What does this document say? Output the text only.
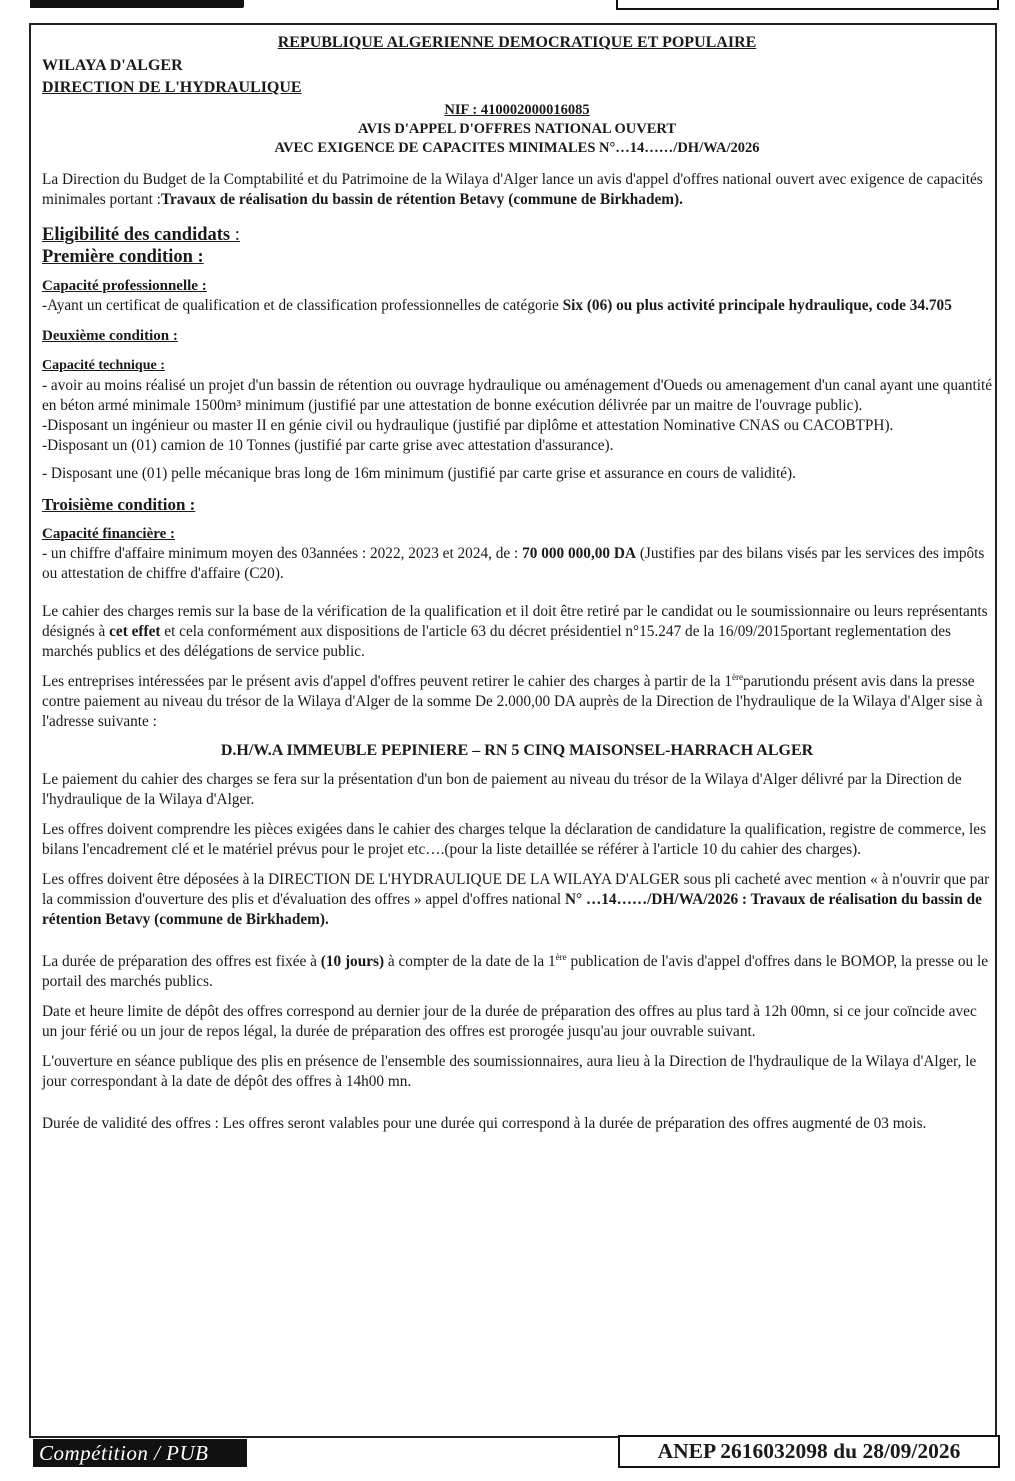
REPUBLIQUE ALGERIENNE DEMOCRATIQUE ET POPULAIRE
WILAYA D'ALGER
DIRECTION DE L'HYDRAULIQUE
NIF : 410002000016085
AVIS D'APPEL D'OFFRES NATIONAL OUVERT
AVEC EXIGENCE DE CAPACITES MINIMALES N°…14……/DH/WA/2026

La Direction du Budget de la Comptabilité et du Patrimoine de la Wilaya d'Alger lance un avis d'appel d'offres national ouvert avec exigence de capacités minimales portant :Travaux de réalisation du bassin de rétention Betavy (commune de Birkhadem).

Eligibilité des candidats :
Première condition :
Capacité professionnelle :

-Ayant un certificat de qualification et de classification professionnelles de catégorie Six (06) ou plus activité principale hydraulique, code 34.705

Deuxième condition :
Capacité technique :

- avoir au moins réalisé un projet d'un bassin de rétention ou ouvrage hydraulique ou aménagement d'Oueds ou amenagement d'un canal ayant une quantité en béton armé minimale 1500m³ minimum (justifié par une attestation de bonne exécution délivrée par un maitre de l'ouvrage public).

-Disposant un ingénieur ou master II en génie civil ou hydraulique (justifié par diplôme et attestation Nominative CNAS ou CACOBTPH).

-Disposant un (01) camion de 10 Tonnes (justifié par carte grise avec attestation d'assurance).

- Disposant une (01) pelle mécanique bras long de 16m minimum (justifié par carte grise et assurance en cours de validité).

Troisième condition :
Capacité financière :

- un chiffre d'affaire minimum moyen des 03années : 2022, 2023 et 2024, de : 70 000 000,00 DA (Justifies par des bilans visés par les services des impôts ou attestation de chiffre d'affaire (C20).

Le cahier des charges remis sur la base de la vérification de la qualification et il doit être retiré par le candidat ou le soumissionnaire ou leurs représentants désignés à cet effet et cela conformément aux dispositions de l'article 63 du décret présidentiel n°15.247 de la 16/09/2015portant reglementation des marchés publics et des délégations de service public.

Les entreprises intéressées par le présent avis d'appel d'offres peuvent retirer le cahier des charges à partir de la 1èreparutiondu présent avis dans la presse contre paiement au niveau du trésor de la Wilaya d'Alger de la somme De 2.000,00 DA auprès de la Direction de l'hydraulique de la Wilaya d'Alger sise à l'adresse suivante :

D.H/W.A IMMEUBLE PEPINIERE – RN 5 CINQ MAISONSEL-HARRACH ALGER

Le paiement du cahier des charges se fera sur la présentation d'un bon de paiement au niveau du trésor de la Wilaya d'Alger délivré par la Direction de l'hydraulique de la Wilaya d'Alger.

Les offres doivent comprendre les pièces exigées dans le cahier des charges telque la déclaration de candidature la qualification, registre de commerce, les bilans l'encadrement clé et le matériel prévus pour le projet etc….(pour la liste detaillée se référer à l'article 10 du cahier des charges).

Les offres doivent être déposées à la DIRECTION DE L'HYDRAULIQUE DE LA WILAYA D'ALGER sous pli cacheté avec mention « à n'ouvrir que par la commission d'ouverture des plis et d'évaluation des offres » appel d'offres national N° …14……/DH/WA/2026 : Travaux de réalisation du bassin de rétention Betavy (commune de Birkhadem).

La durée de préparation des offres est fixée à (10 jours) à compter de la date de la 1ère publication de l'avis d'appel d'offres dans le BOMOP, la presse ou le portail des marchés publics.

Date et heure limite de dépôt des offres correspond au dernier jour de la durée de préparation des offres au plus tard à 12h 00mn, si ce jour coïncide avec un jour férié ou un jour de repos légal, la durée de préparation des offres est prorogée jusqu'au jour ouvrable suivant.

L'ouverture en séance publique des plis en présence de l'ensemble des soumissionnaires, aura lieu à la Direction de l'hydraulique de la Wilaya d'Alger, le jour correspondant à la date de dépôt des offres à 14h00 mn.

Durée de validité des offres : Les offres seront valables pour une durée qui correspond à la durée de préparation des offres augmenté de 03 mois.

Compétition / PUB	ANEP 2616032098 du 28/09/2026
